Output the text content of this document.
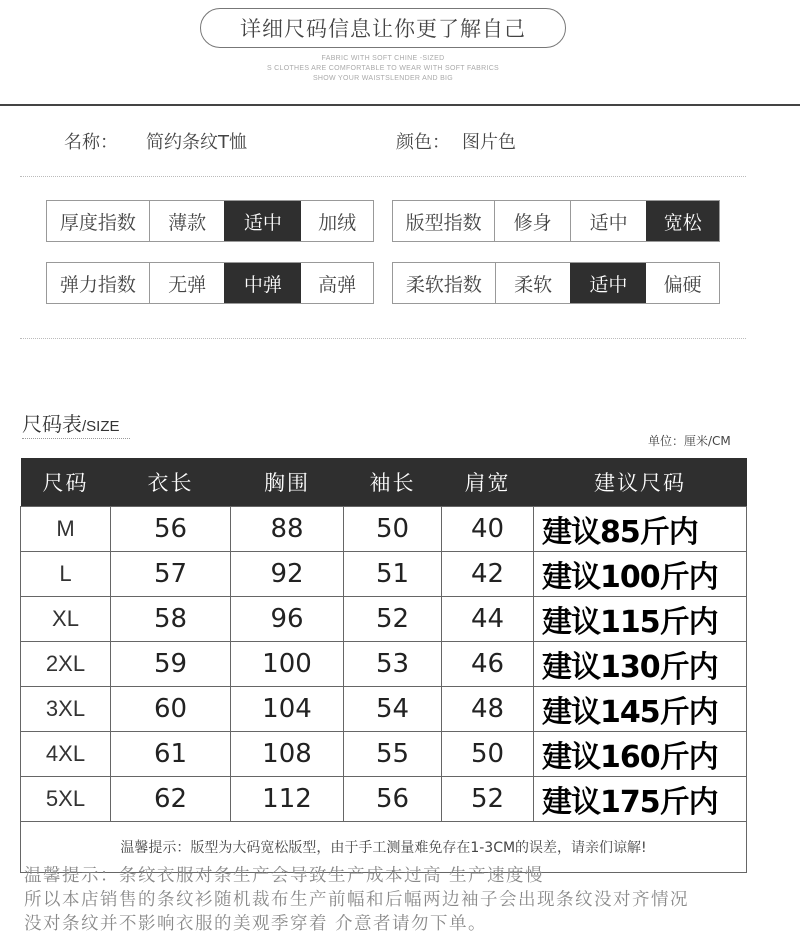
详细尺码信息让你更了解自己
FABRIC WITH SOFT CHINE -SIZED
S CLOTHES ARE COMFORTABLE TO WEAR WITH SOFT FABRICS
SHOW YOUR WAISTSLENDER AND BIG
名称： 简约条纹T恤	颜色： 图片色
厚度指数	薄款	适中	加绒	版型指数	修身	适中	宽松
弹力指数	无弹	中弹	高弹	柔软指数	柔软	适中	偏硬
尺码表/SIZE
单位：厘米/CM
尺码	衣长	胸围	袖长	肩宽	建议尺码
M	56	88	50	40	建议85斤内
L	57	92	51	42	建议100斤内
XL	58	96	52	44	建议115斤内
2XL	59	100	53	46	建议130斤内
3XL	60	104	54	48	建议145斤内
4XL	61	108	55	50	建议160斤内
5XL	62	112	56	52	建议175斤内
温馨提示：版型为大码宽松版型，由于手工测量难免存在1-3CM的误差，请亲们谅解!					
温馨提示：条纹衣服对条生产会导致生产成本过高 生产速度慢
所以本店销售的条纹衫随机裁布生产前幅和后幅两边袖子会出现条纹没对齐情况
没对条纹并不影响衣服的美观季穿着 介意者请勿下单。
